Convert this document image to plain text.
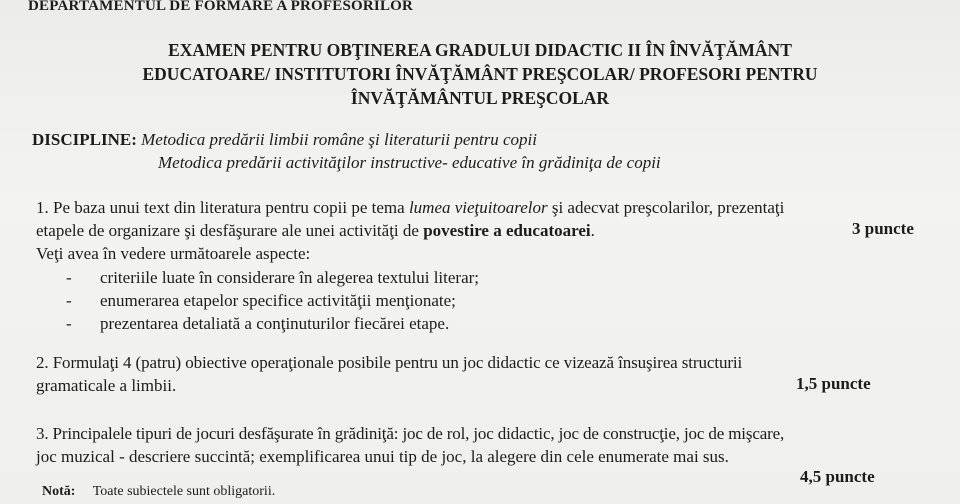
DEPARTAMENTUL DE FORMARE A PROFESORILOR
EXAMEN PENTRU OBŢINEREA GRADULUI DIDACTIC II ÎN ÎNVĂŢĂMÂNT
EDUCATOARE/ INSTITUTORI ÎNVĂŢĂMÂNT PREŞCOLAR/ PROFESORI PENTRU
ÎNVĂŢĂMÂNTUL PREŞCOLAR
DISCIPLINE: Metodica predării limbii române şi literaturii pentru copii
Metodica predării activităţilor instructive- educative în grădiniţa de copii
1. Pe baza unui text din literatura pentru copii pe tema lumea vieţuitoarelor şi adecvat preşcolarilor, prezentaţi
etapele de organizare şi desfăşurare ale unei activităţi de povestire a educatoarei.	3 puncte
Veţi avea în vedere următoarele aspecte:
- criteriile luate în considerare în alegerea textului literar;
- enumerarea etapelor specifice activităţii menţionate;
- prezentarea detaliată a conţinuturilor fiecărei etape.
2. Formulaţi 4 (patru) obiective operaţionale posibile pentru un joc didactic ce vizează însuşirea structurii
gramaticale a limbii.	1,5 puncte
3. Principalele tipuri de jocuri desfăşurate în grădiniţă: joc de rol, joc didactic, joc de construcţie, joc de mişcare,
joc muzical - descriere succintă; exemplificarea unui tip de joc, la alegere din cele enumerate mai sus.
4,5 puncte
Notă: Toate subiectele sunt obligatorii.
